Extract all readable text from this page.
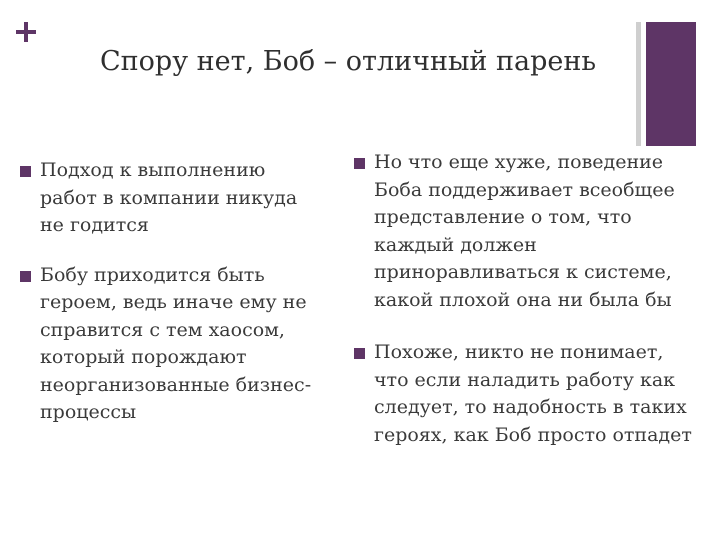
Спору нет, Боб – отличный парень
Подход к выполнению
работ в компании никуда
не годится
Бобу приходится быть
героем, ведь иначе ему не
справится с тем хаосом,
который порождают
неорганизованные бизнес-
процессы
Но что еще хуже, поведение
Боба поддерживает всеобщее
представление о том, что
каждый должен
приноравливаться к системе,
какой плохой она ни была бы
Похоже, никто не понимает,
что если наладить работу как
следует, то надобность в таких
героях, как Боб просто отпадет
